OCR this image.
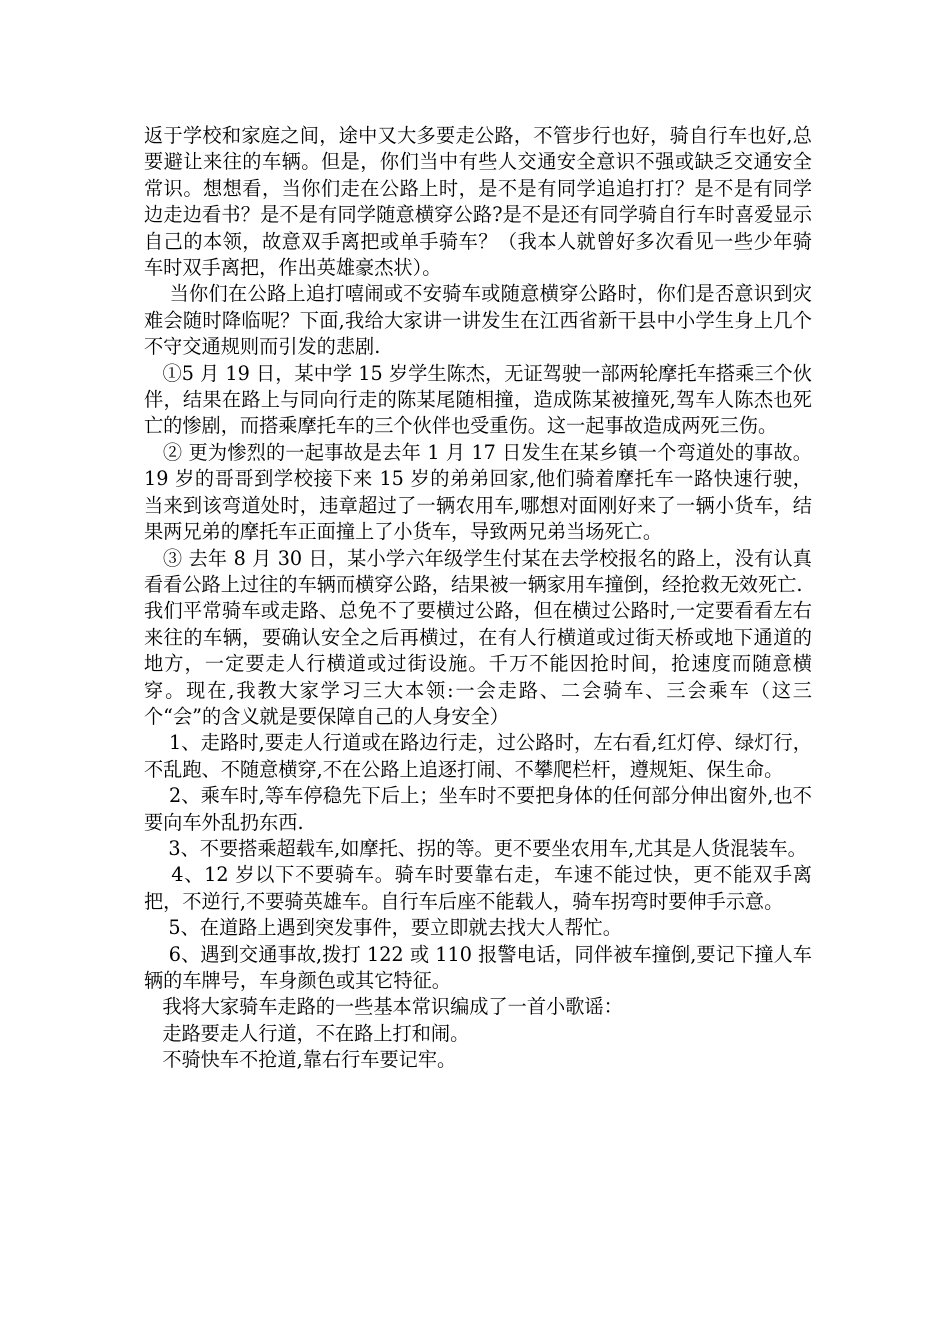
返于学校和家庭之间，途中又大多要走公路，不管步行也好，骑自行车也好,总要避让来往的车辆。但是，你们当中有些人交通安全意识不强或缺乏交通安全常识。想想看，当你们走在公路上时，是不是有同学追追打打？是不是有同学边走边看书？是不是有同学随意横穿公路?是不是还有同学骑自行车时喜爱显示自己的本领，故意双手离把或单手骑车？（我本人就曾好多次看见一些少年骑车时双手离把，作出英雄豪杰状）。

当你们在公路上追打嘻闹或不安骑车或随意横穿公路时，你们是否意识到灾难会随时降临呢？下面,我给大家讲一讲发生在江西省新干县中小学生身上几个不守交通规则而引发的悲剧.

①5 月 19 日，某中学 15 岁学生陈杰，无证驾驶一部两轮摩托车搭乘三个伙伴，结果在路上与同向行走的陈某尾随相撞，造成陈某被撞死,驾车人陈杰也死亡的惨剧，而搭乘摩托车的三个伙伴也受重伤。这一起事故造成两死三伤。

② 更为惨烈的一起事故是去年 1 月 17 日发生在某乡镇一个弯道处的事故。19 岁的哥哥到学校接下来 15 岁的弟弟回家,他们骑着摩托车一路快速行驶，当来到该弯道处时，违章超过了一辆农用车,哪想对面刚好来了一辆小货车，结果两兄弟的摩托车正面撞上了小货车，导致两兄弟当场死亡。

③ 去年 8 月 30 日，某小学六年级学生付某在去学校报名的路上，没有认真看看公路上过往的车辆而横穿公路，结果被一辆家用车撞倒，经抢救无效死亡.

我们平常骑车或走路、总免不了要横过公路，但在横过公路时,一定要看看左右来往的车辆，要确认安全之后再横过，在有人行横道或过街天桥或地下通道的地方，一定要走人行横道或过街设施。千万不能因抢时间，抢速度而随意横穿。现在,我教大家学习三大本领:一会走路、二会骑车、三会乘车（这三个“会”的含义就是要保障自己的人身安全）

1、走路时,要走人行道或在路边行走，过公路时，左右看,红灯停、绿灯行，不乱跑、不随意横穿,不在公路上追逐打闹、不攀爬栏杆，遵规矩、保生命。

2、乘车时,等车停稳先下后上；坐车时不要把身体的任何部分伸出窗外,也不要向车外乱扔东西.

3、不要搭乘超载车,如摩托、拐的等。更不要坐农用车,尤其是人货混装车。

4、12 岁以下不要骑车。骑车时要靠右走，车速不能过快，更不能双手离把，不逆行,不要骑英雄车。自行车后座不能载人，骑车拐弯时要伸手示意。

5、在道路上遇到突发事件，要立即就去找大人帮忙。

6、遇到交通事故,拨打 122 或 110 报警电话，同伴被车撞倒,要记下撞人车辆的车牌号，车身颜色或其它特征。

我将大家骑车走路的一些基本常识编成了一首小歌谣：

走路要走人行道，不在路上打和闹。

不骑快车不抢道,靠右行车要记牢。
